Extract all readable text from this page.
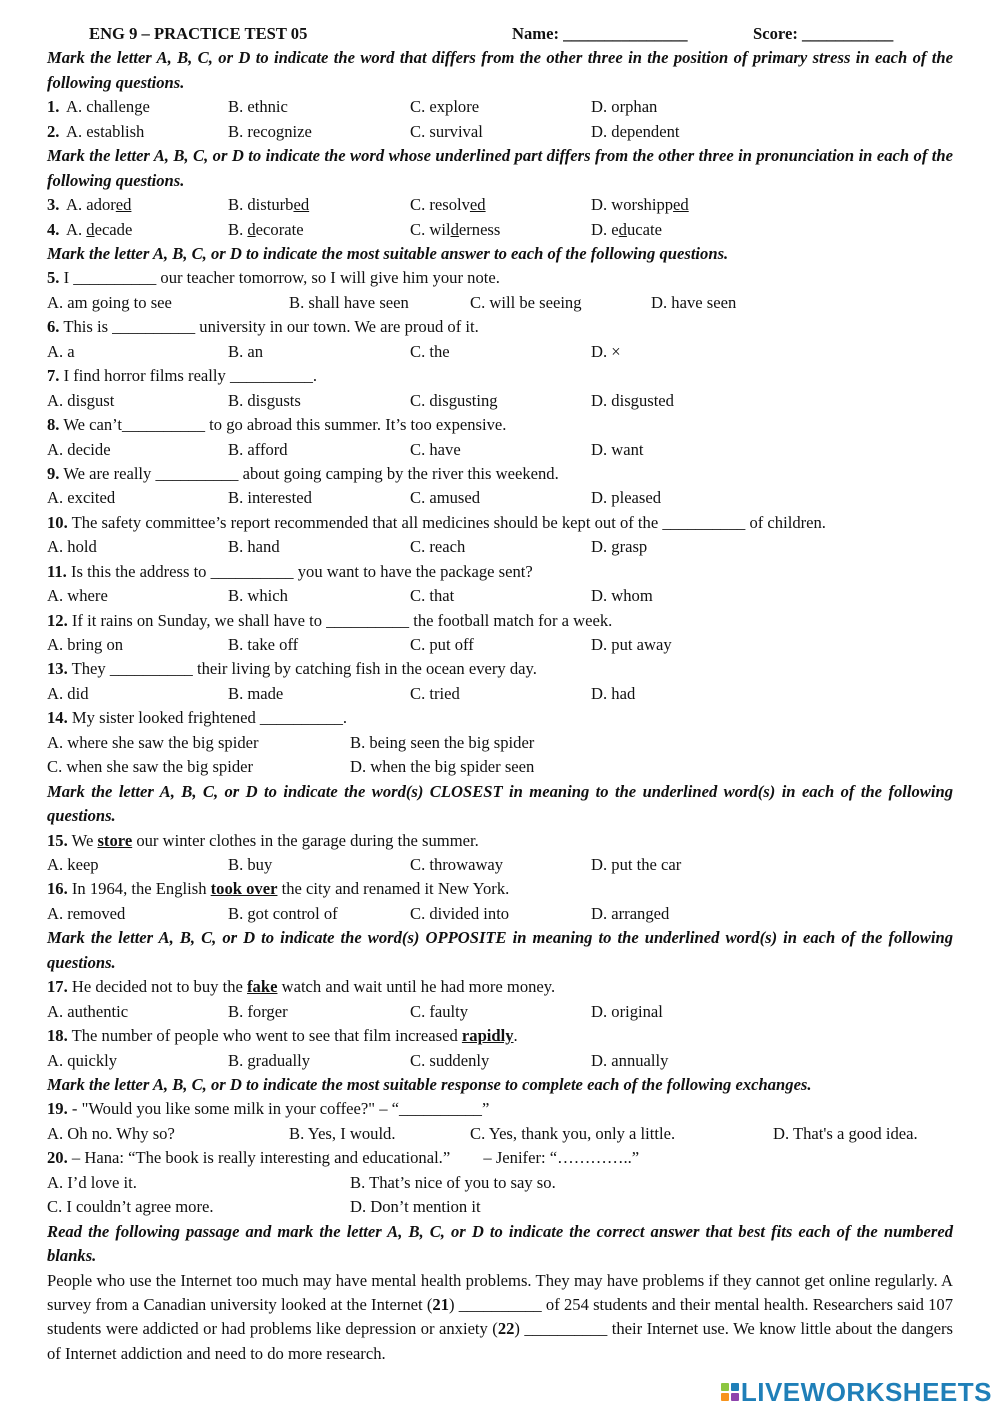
ENG 9 – PRACTICE TEST 05	Name: _______________	Score: ___________
Mark the letter A, B, C, or D to indicate the word that differs from the other three in the position of primary stress in each of the following questions.
1. A. challenge	B. ethnic	C. explore	D. orphan
2. A. establish	B. recognize	C. survival	D. dependent
Mark the letter A, B, C, or D to indicate the word whose underlined part differs from the other three in pronunciation in each of the following questions.
3. A. adored	B. disturbed	C. resolved	D. worshipped
4. A. decade	B. decorate	C. wilderness	D. educate
Mark the letter A, B, C, or D to indicate the most suitable answer to each of the following questions.
5. I __________ our teacher tomorrow, so I will give him your note.
A. am going to see	B. shall have seen	C. will be seeing	D. have seen
6. This is __________ university in our town. We are proud of it.
A. a	B. an	C. the	D. ×
7. I find horror films really __________.
A. disgust	B. disgusts	C. disgusting	D. disgusted
8. We can’t__________ to go abroad this summer. It’s too expensive.
A. decide	B. afford	C. have	D. want
9. We are really __________ about going camping by the river this weekend.
A. excited	B. interested	C. amused	D. pleased
10. The safety committee’s report recommended that all medicines should be kept out of the __________ of children.
A. hold	B. hand	C. reach	D. grasp
11. Is this the address to __________ you want to have the package sent?
A. where	B. which	C. that	D. whom
12. If it rains on Sunday, we shall have to __________ the football match for a week.
A. bring on	B. take off	C. put off	D. put away
13. They __________ their living by catching fish in the ocean every day.
A. did	B. made	C. tried	D. had
14. My sister looked frightened __________.
A. where she saw the big spider	B. being seen the big spider
C. when she saw the big spider	D. when the big spider seen
Mark the letter A, B, C, or D to indicate the word(s) CLOSEST in meaning to the underlined word(s) in each of the following questions.
15. We store our winter clothes in the garage during the summer.
A. keep	B. buy	C. throwaway	D. put the car
16. In 1964, the English took over the city and renamed it New York.
A. removed	B. got control of	C. divided into	D. arranged
Mark the letter A, B, C, or D to indicate the word(s) OPPOSITE in meaning to the underlined word(s) in each of the following questions.
17. He decided not to buy the fake watch and wait until he had more money.
A. authentic	B. forger	C. faulty	D. original
18. The number of people who went to see that film increased rapidly.
A. quickly	B. gradually	C. suddenly	D. annually
Mark the letter A, B, C, or D to indicate the most suitable response to complete each of the following exchanges.
19. - "Would you like some milk in your coffee?" – “__________”
A. Oh no. Why so?	B. Yes, I would.	C. Yes, thank you, only a little.	D. That's a good idea.
20. – Hana: “The book is really interesting and educational.”        – Jenifer: “…………..”
A. I’d love it.	B. That’s nice of you to say so.
C. I couldn’t agree more.	D. Don’t mention it
Read the following passage and mark the letter A, B, C, or D to indicate the correct answer that best fits each of the numbered blanks.
People who use the Internet too much may have mental health problems. They may have problems if they cannot get online regularly. A survey from a Canadian university looked at the Internet (21) __________ of 254 students and their mental health. Researchers said 107 students were addicted or had problems like depression or anxiety (22) __________ their Internet use. We know little about the dangers of Internet addiction and need to do more research.
LIVEWORKSHEETS
